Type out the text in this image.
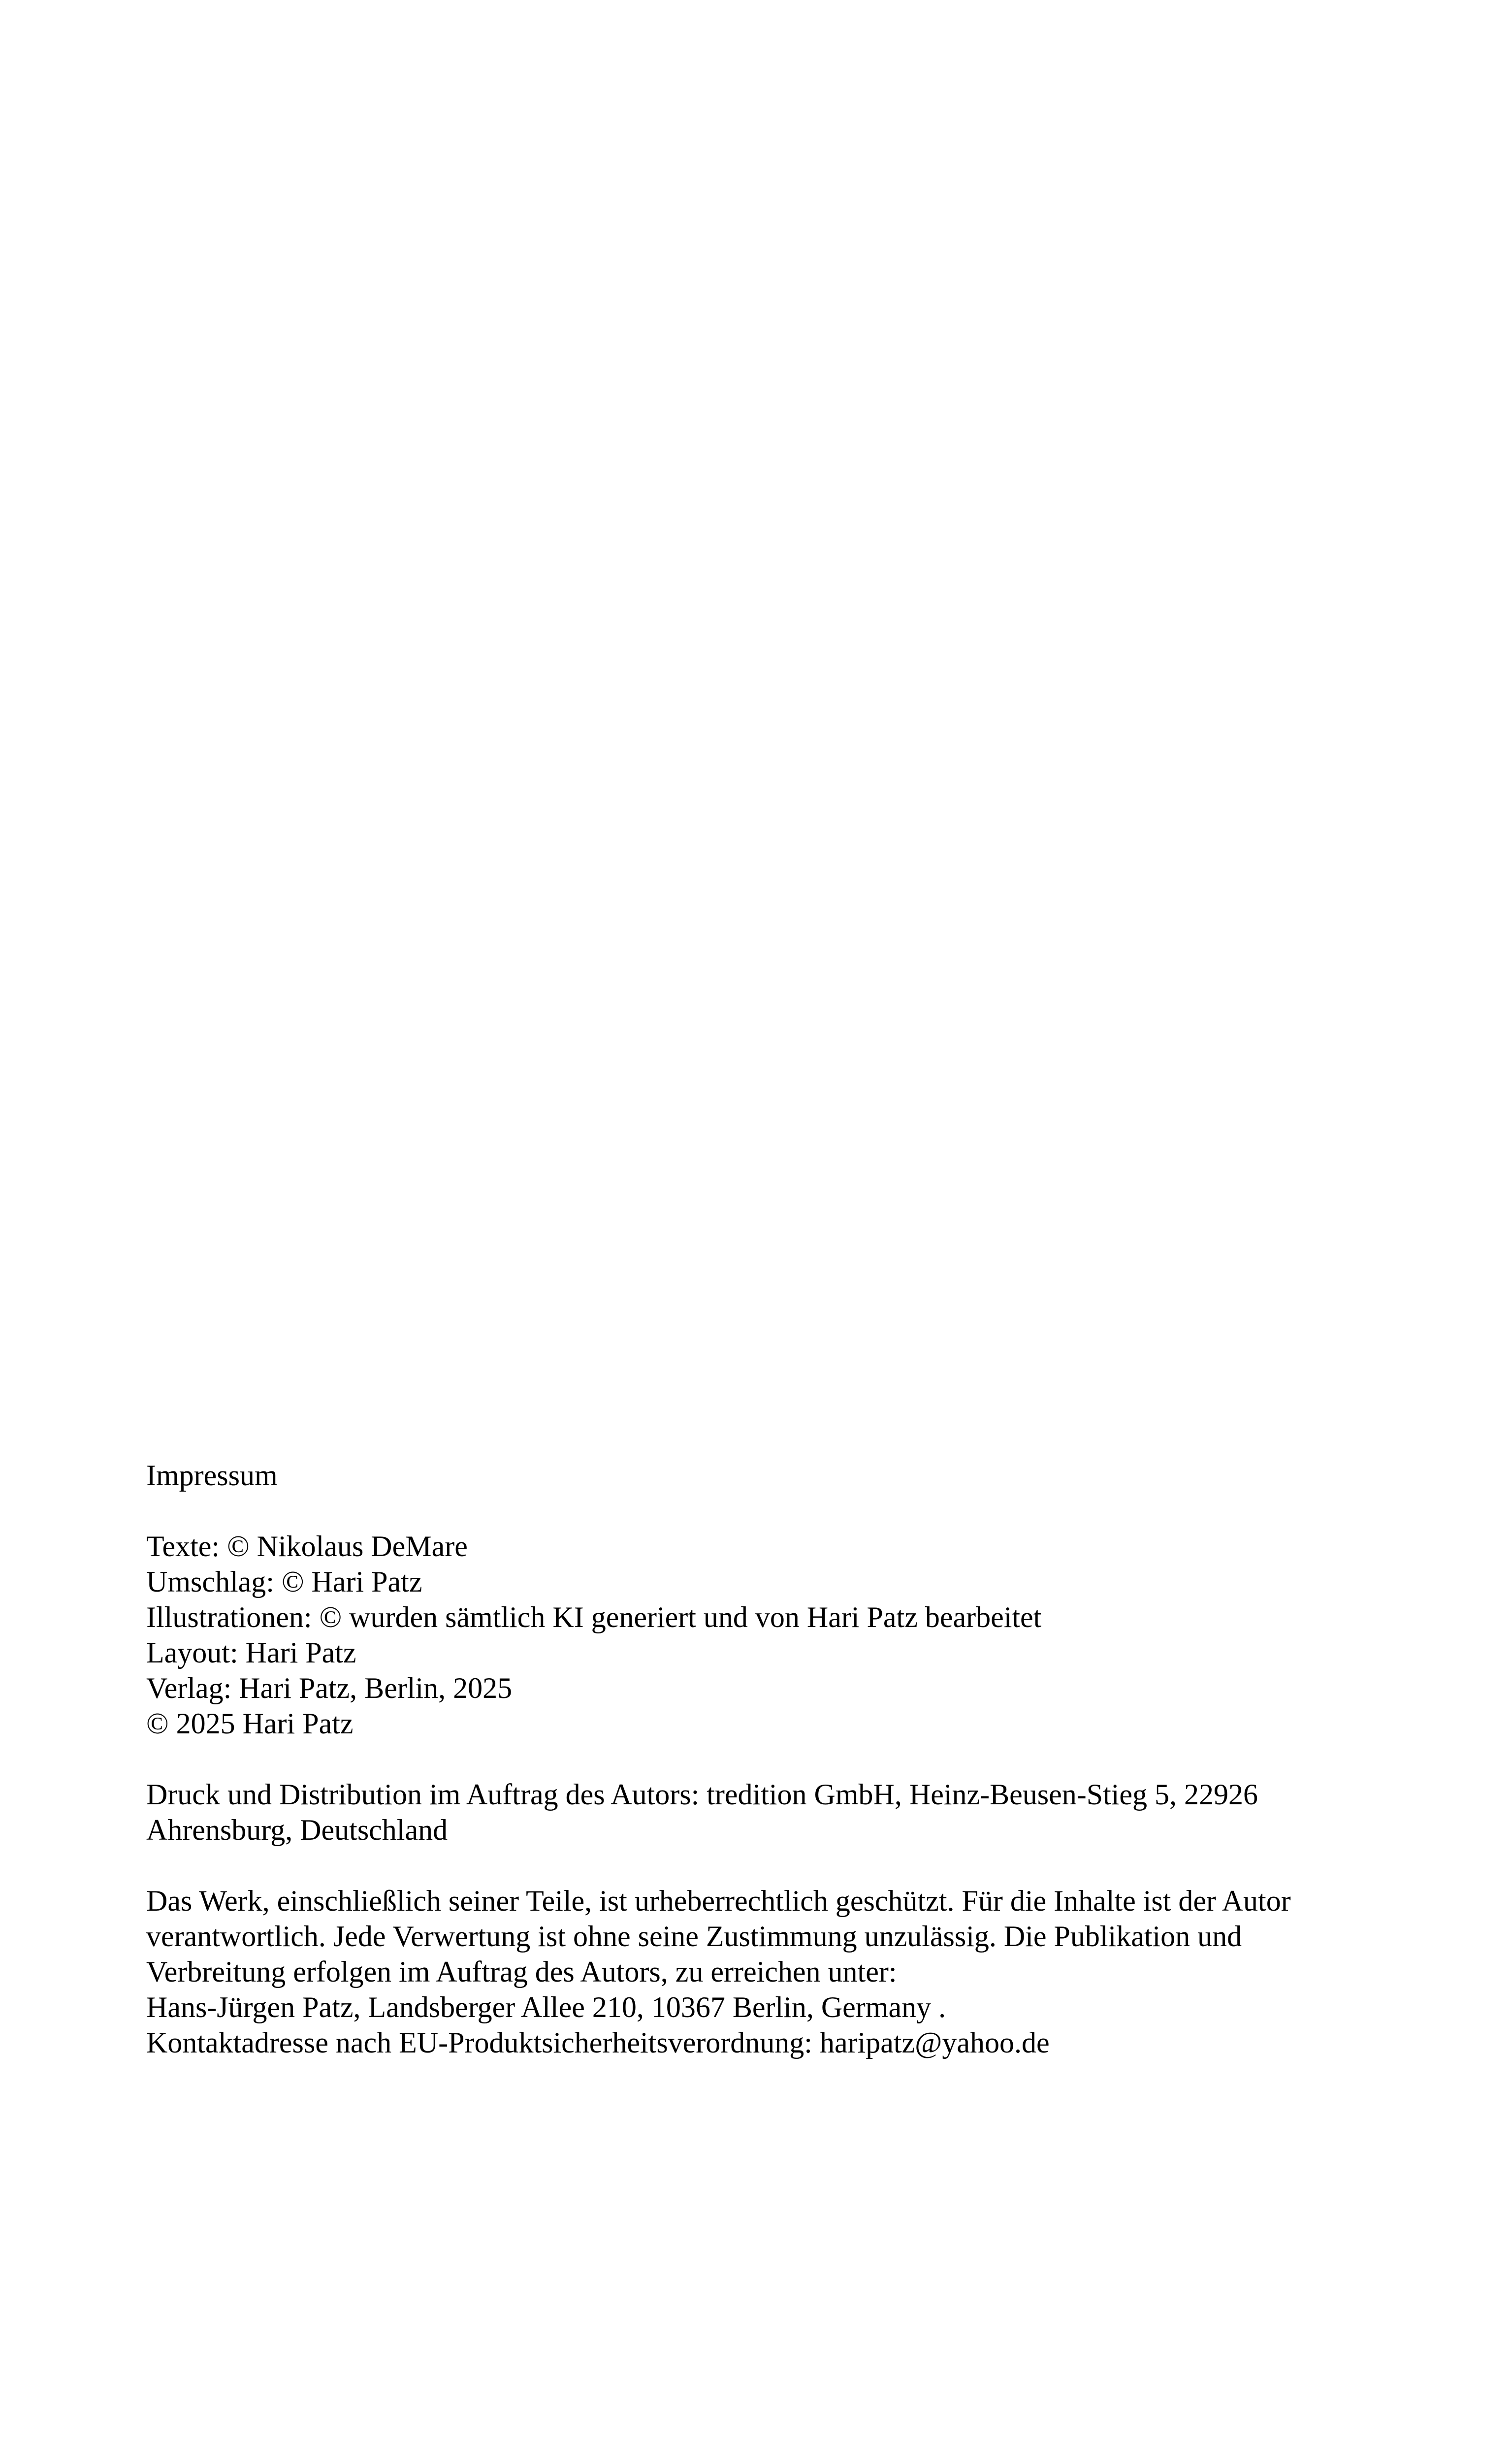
Impressum
Texte: © Nikolaus DeMare
Umschlag: © Hari Patz
Illustrationen: © wurden sämtlich KI generiert und von Hari Patz bearbeitet
Layout: Hari Patz
Verlag: Hari Patz, Berlin, 2025
© 2025 Hari Patz
Druck und Distribution im Auftrag des Autors: tredition GmbH, Heinz-Beusen-Stieg 5, 22926
Ahrensburg, Deutschland
Das Werk, einschließlich seiner Teile, ist urheberrechtlich geschützt. Für die Inhalte ist der Autor
verantwortlich. Jede Verwertung ist ohne seine Zustimmung unzulässig. Die Publikation und
Verbreitung erfolgen im Auftrag des Autors, zu erreichen unter:
Hans-Jürgen Patz, Landsberger Allee 210, 10367 Berlin, Germany .
Kontaktadresse nach EU-Produktsicherheitsverordnung: haripatz@yahoo.de
